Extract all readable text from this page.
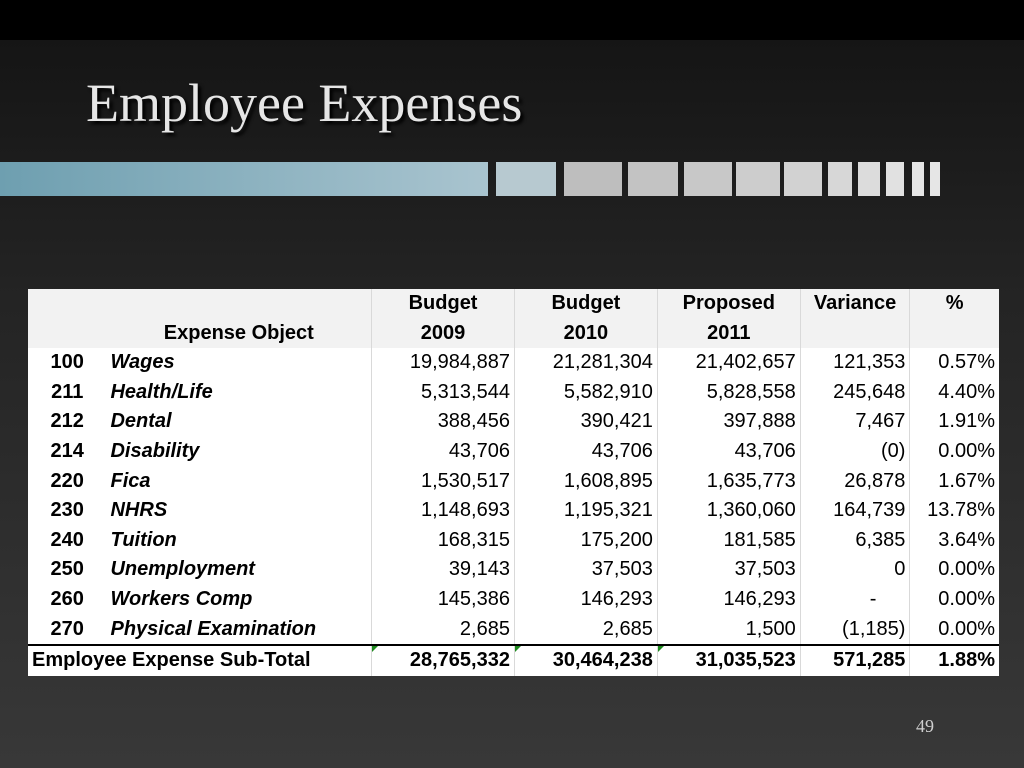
Employee Expenses
		Budget	Budget	Proposed	Variance	%
	Expense Object	2009	2010	2011		
100	Wages	19,984,887	21,281,304	21,402,657	121,353	0.57%
211	Health/Life	5,313,544	5,582,910	5,828,558	245,648	4.40%
212	Dental	388,456	390,421	397,888	7,467	1.91%
214	Disability	43,706	43,706	43,706	(0)	0.00%
220	Fica	1,530,517	1,608,895	1,635,773	26,878	1.67%
230	NHRS	1,148,693	1,195,321	1,360,060	164,739	13.78%
240	Tuition	168,315	175,200	181,585	6,385	3.64%
250	Unemployment	39,143	37,503	37,503	0	0.00%
260	Workers Comp	145,386	146,293	146,293	-	0.00%
270	Physical Examination	2,685	2,685	1,500	(1,185)	0.00%
Employee Expense Sub-Total		28,765,332	30,464,238	31,035,523	571,285	1.88%
49
